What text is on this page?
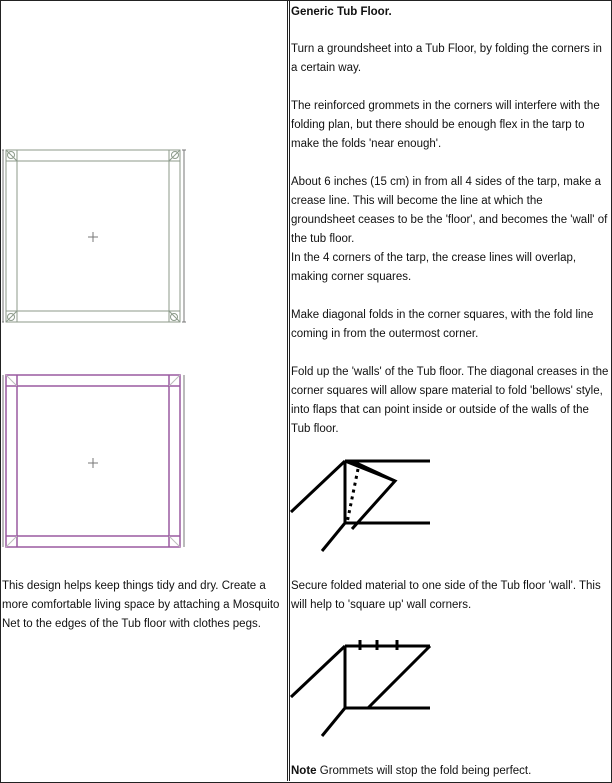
This design helps keep things tidy and dry. Create a more comfortable living space by attaching a Mosquito Net to the edges of the Tub floor with clothes pegs.

Generic Tub Floor.

Turn a groundsheet into a Tub Floor, by folding the corners in a certain way.

The reinforced grommets in the corners will interfere with the folding plan, but there should be enough flex in the tarp to make the folds 'near enough'.

About 6 inches (15 cm) in from all 4 sides of the tarp, make a crease line. This will become the line at which the groundsheet ceases to be the 'floor', and becomes the 'wall' of the tub floor.

In the 4 corners of the tarp, the crease lines will overlap, making corner squares.

Make diagonal folds in the corner squares, with the fold line coming in from the outermost corner.

Fold up the 'walls' of the Tub floor. The diagonal creases in the corner squares will allow spare material to fold 'bellows' style, into flaps that can point inside or outside of the walls of the Tub floor.

Secure folded material to one side of the Tub floor 'wall'. This will help to 'square up' wall corners.

Note Grommets will stop the fold being perfect.
